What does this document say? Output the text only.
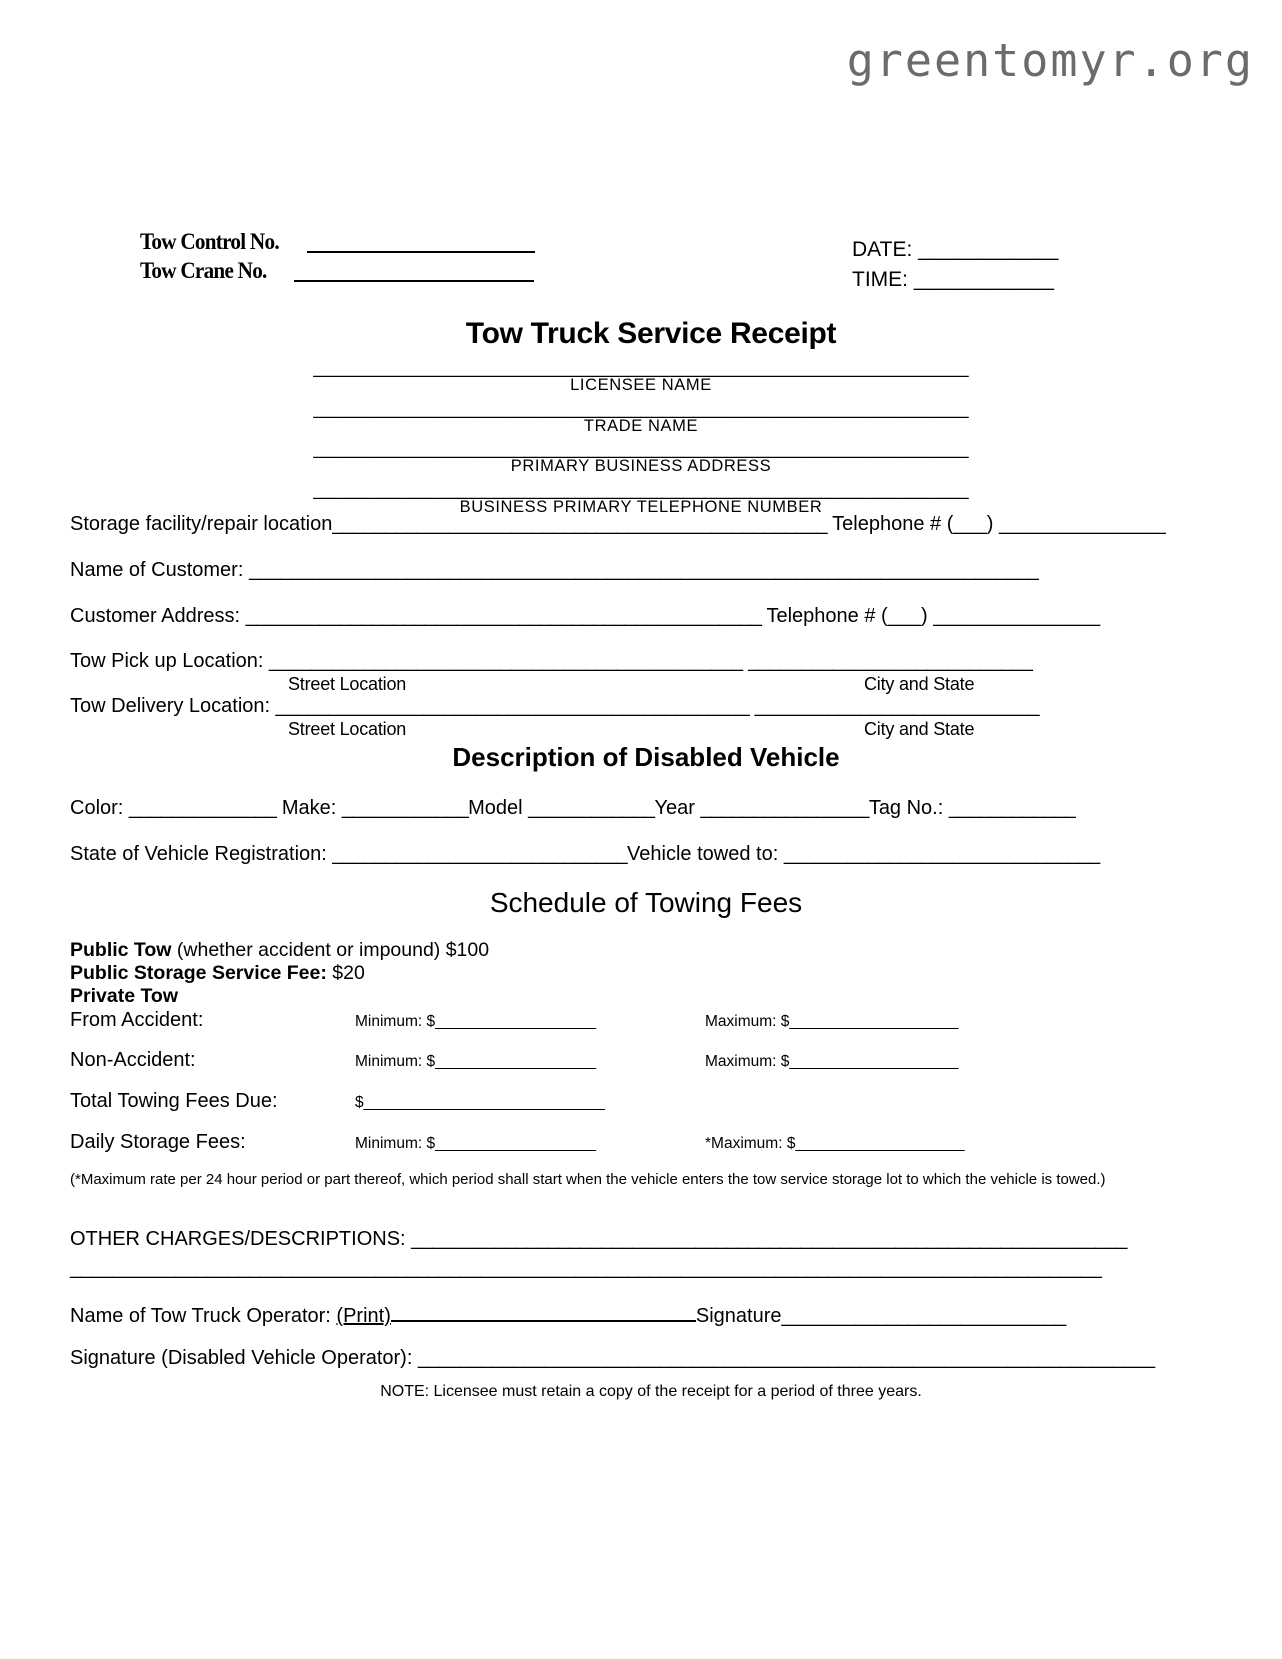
greentomyr.org
Tow Control No.
Tow Crane No.
DATE: ____________
TIME: ____________
Tow Truck Service Receipt
______________________________________________________________
LICENSEE NAME
______________________________________________________________
TRADE NAME
______________________________________________________________
PRIMARY BUSINESS ADDRESS
______________________________________________________________
BUSINESS PRIMARY TELEPHONE NUMBER
Storage facility/repair location_______________________________________________ Telephone # (___) _______________
Name of Customer: ___________________________________________________________________________
Customer Address: _________________________________________________ Telephone # (___) _______________
Tow Pick up Location: _____________________________________________ ___________________________
Street Location	City and State
Tow Delivery Location: _____________________________________________ ___________________________
Street Location	City and State
Description of Disabled Vehicle
Color: ______________ Make: ____________Model ____________Year ________________Tag No.: ____________
State of Vehicle Registration: ____________________________Vehicle towed to: ______________________________
Schedule of Towing Fees
Public Tow (whether accident or impound) $100
Public Storage Service Fee: $20
Private Tow
From Accident:	Minimum: $____________________	Maximum: $_____________________
Non-Accident:	Minimum: $____________________	Maximum: $_____________________
Total Towing Fees Due:	$______________________________
Daily Storage Fees:	Minimum: $____________________	*Maximum: $_____________________
(*Maximum rate per 24 hour period or part thereof, which period shall start when the vehicle enters the tow service storage lot to which the vehicle is towed.)
OTHER CHARGES/DESCRIPTIONS: ____________________________________________________________________
__________________________________________________________________________________________________
Name of Tow Truck Operator: (Print)	Signature___________________________
Signature (Disabled Vehicle Operator): ______________________________________________________________________
NOTE: Licensee must retain a copy of the receipt for a period of three years.
